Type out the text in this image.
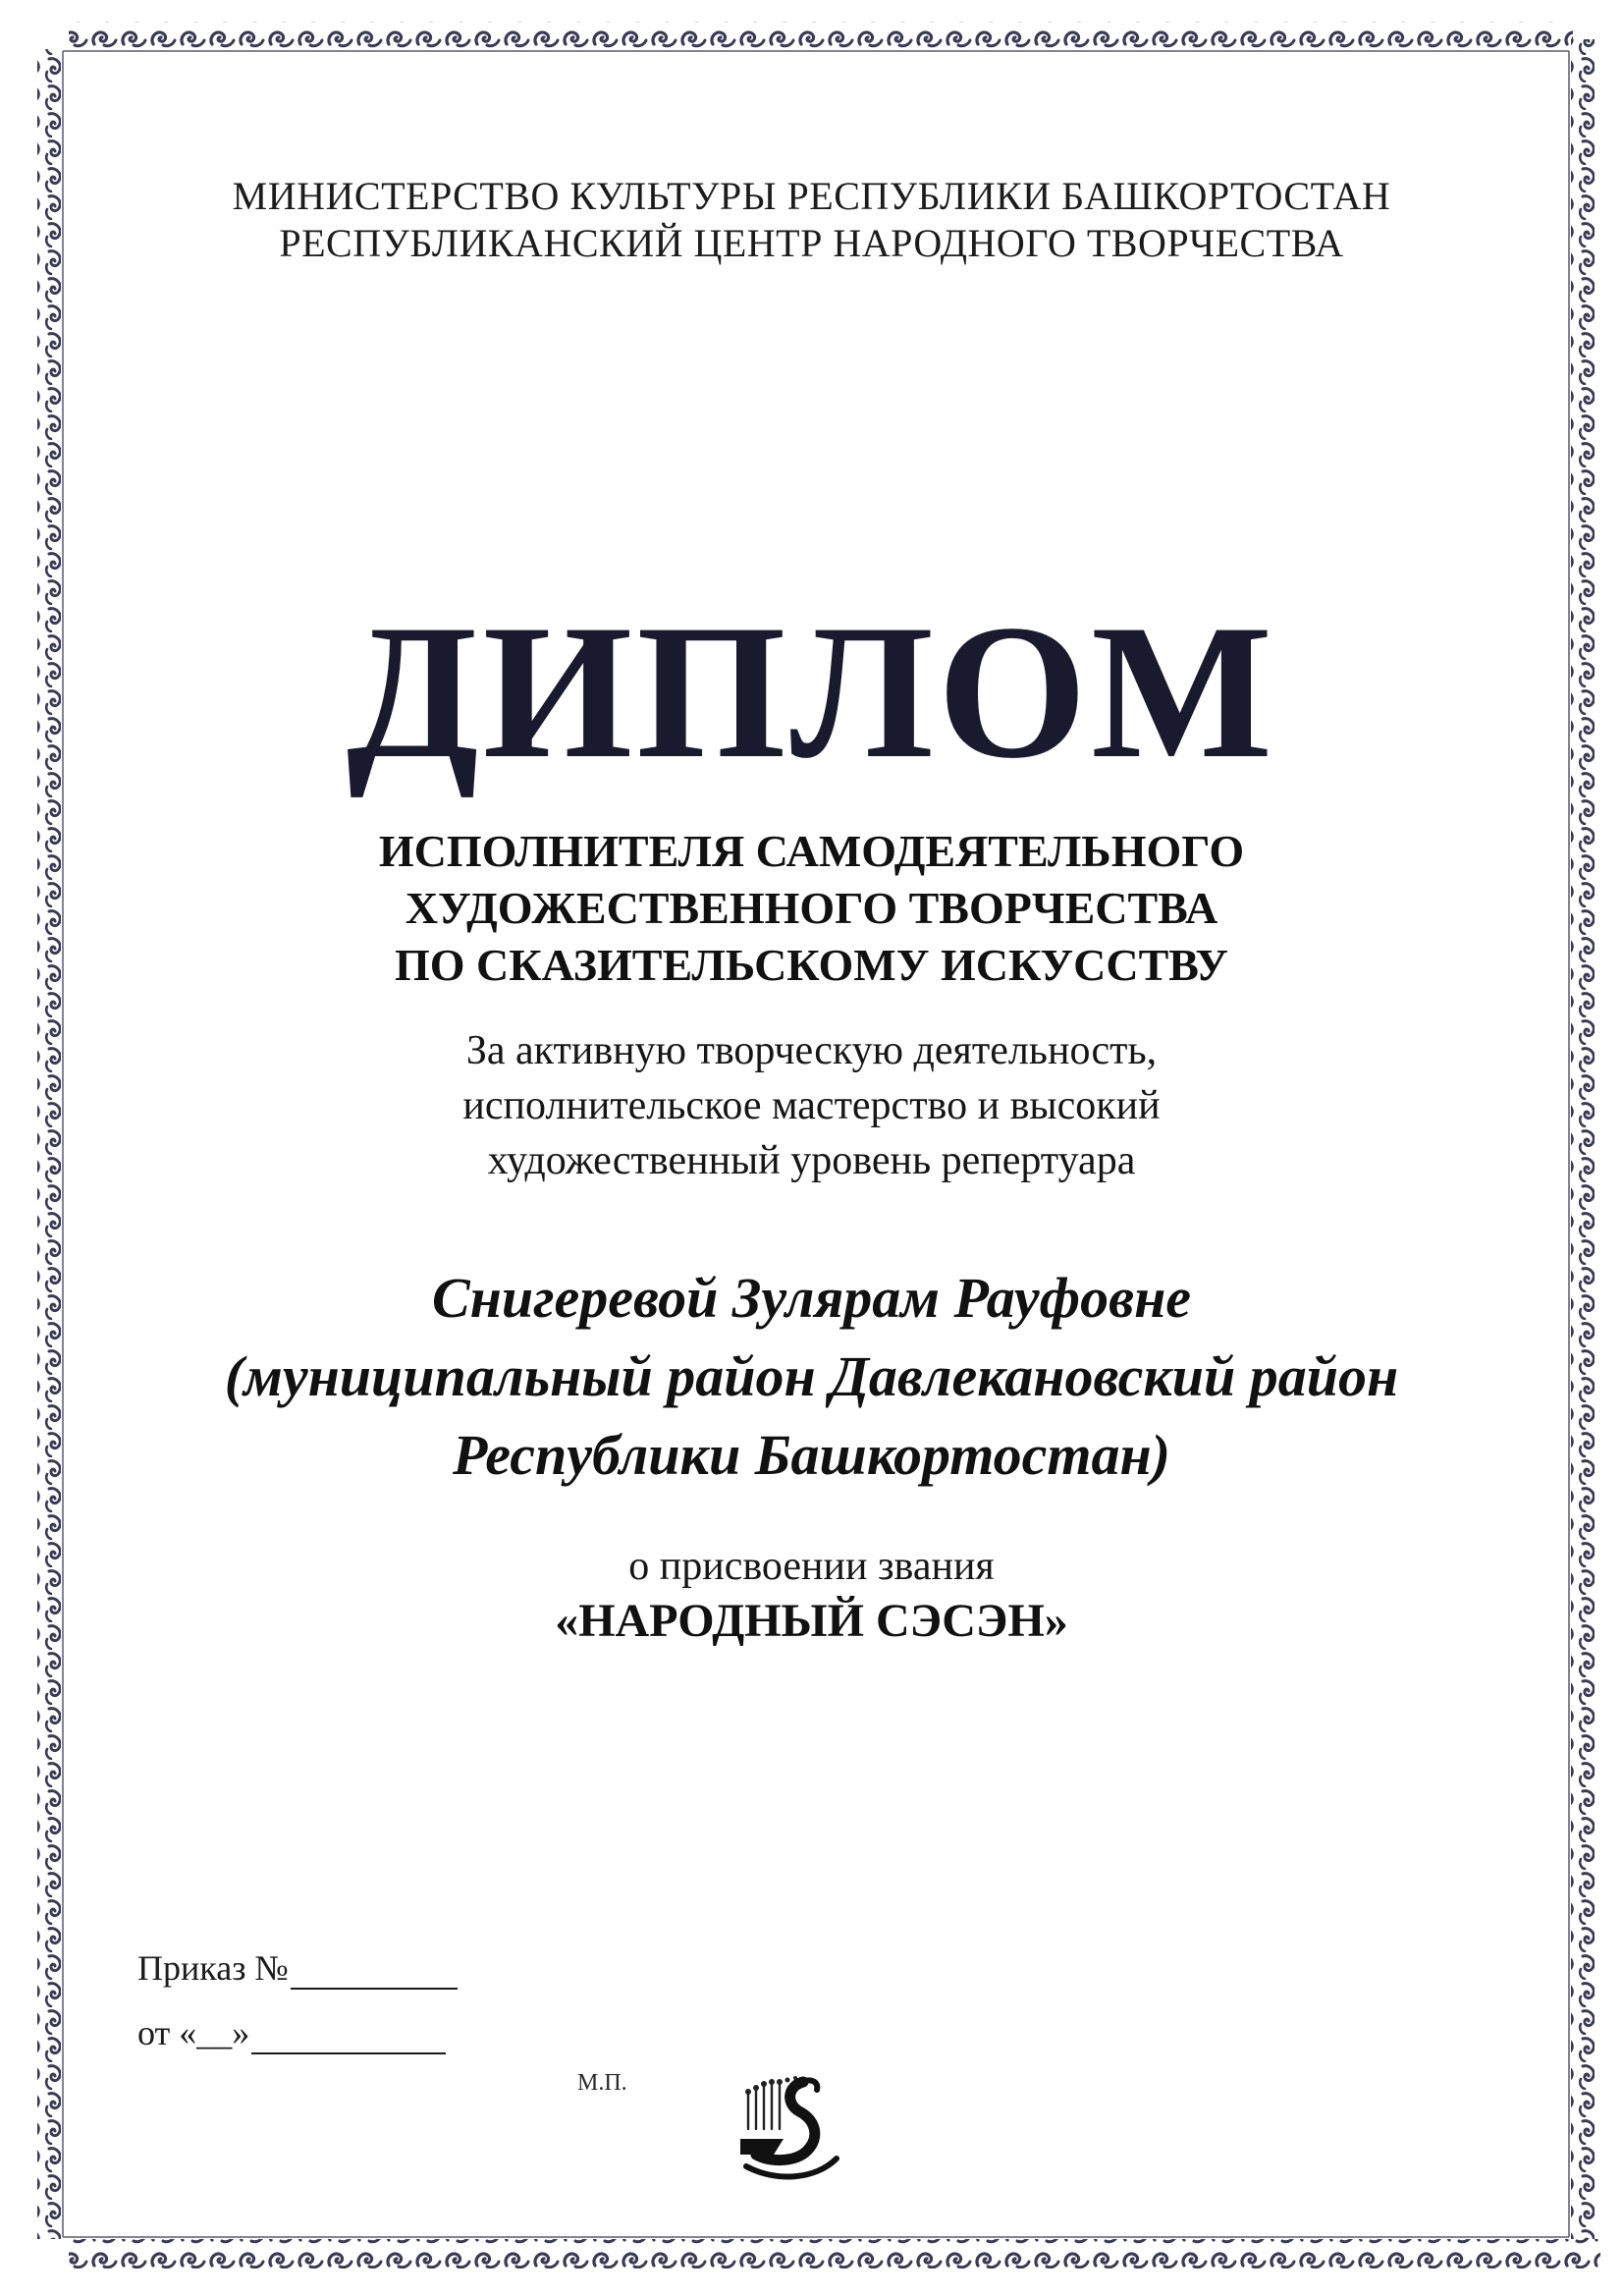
МИНИСТЕРСТВО КУЛЬТУРЫ РЕСПУБЛИКИ БАШКОРТОСТАН
РЕСПУБЛИКАНСКИЙ ЦЕНТР НАРОДНОГО ТВОРЧЕСТВА
ДИПЛОМ
ИСПОЛНИТЕЛЯ САМОДЕЯТЕЛЬНОГО
ХУДОЖЕСТВЕННОГО ТВОРЧЕСТВА
ПО СКАЗИТЕЛЬСКОМУ ИСКУССТВУ
За активную творческую деятельность,
исполнительское мастерство и высокий
художественный уровень репертуара
Снигеревой Зулярам Рауфовне
(муниципальный район Давлекановский район
Республики Башкортостан)
о присвоении звания
«НАРОДНЫЙ СЭСЭН»
Приказ №
от «__»
М.П.
